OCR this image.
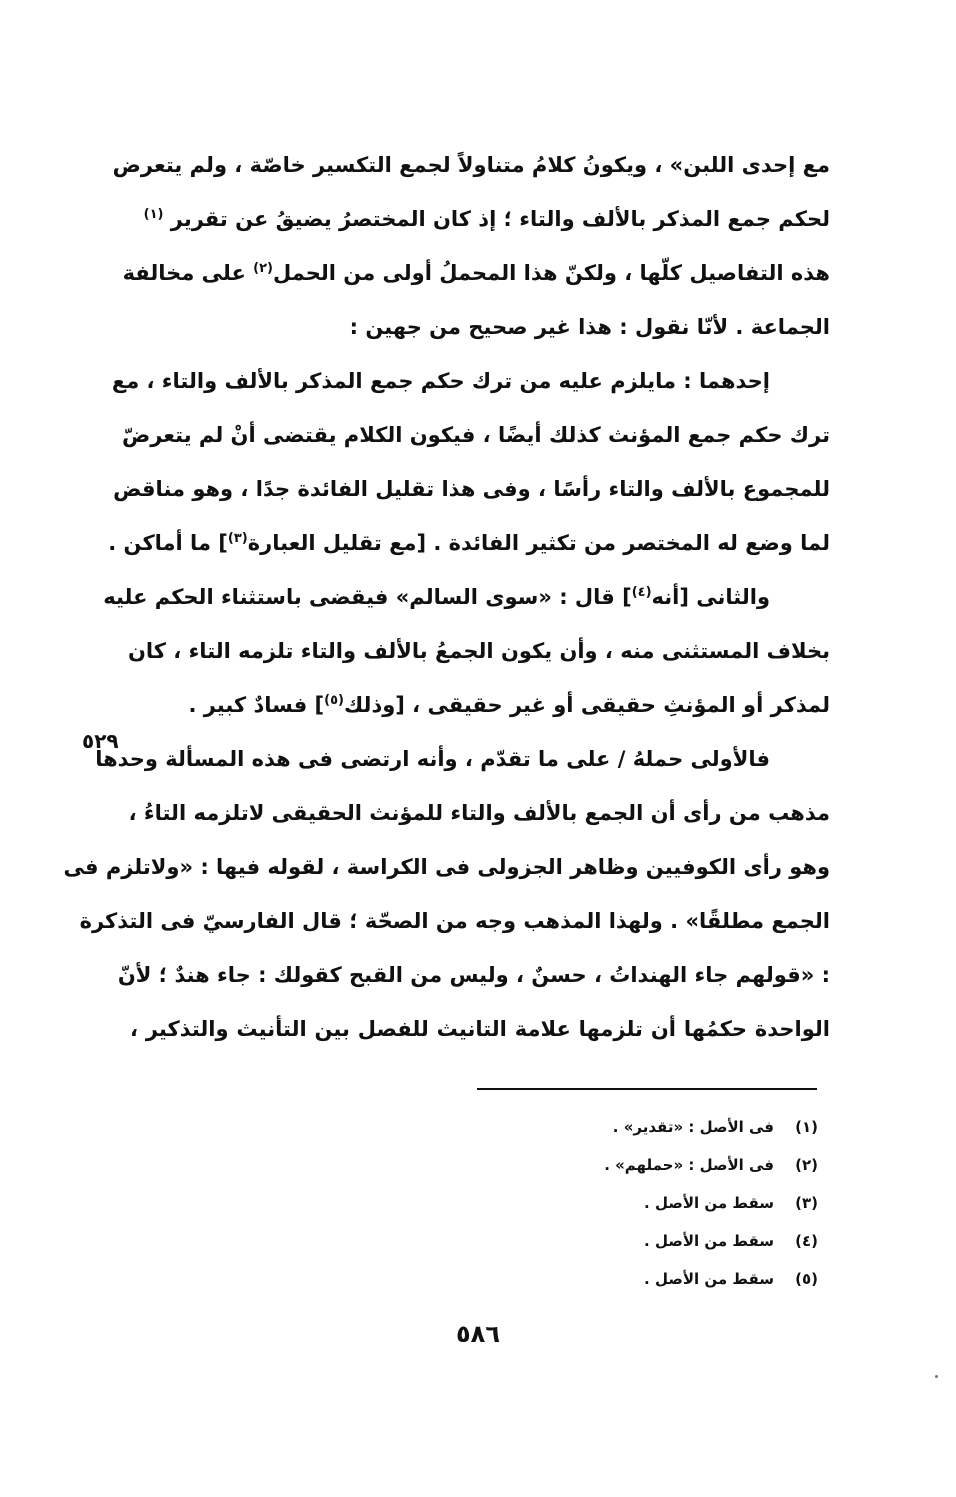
مع إحدى اللبن» ، ويكونُ كلامُ متناولاً لجمع التكسير خاصّة ، ولم يتعرض
لحكم جمع المذكر بالألف والتاء ؛ إذ كان المختصرُ يضيقُ عن تقرير $^{(١)}$
هذه التفاصيل كلّها ، ولكنّ هذا المحملُ أولى من الحمل$^{(٢)}$ على مخالفة
الجماعة . لأنّا نقول : هذا غير صحيح من جهين :
إحدهما : مايلزم عليه من ترك حكم جمع المذكر بالألف والتاء ، مع
ترك حكم جمع المؤنث كذلك أيضًا ، فيكون الكلام يقتضى أنْ لم يتعرضّ
للمجموع بالألف والتاء رأسًا ، وفى هذا تقليل الفائدة جدًا ، وهو مناقض
لما وضع له المختصر من تكثير الفائدة . [مع تقليل العبارة$^{(٣)}$] ما أماكن .
والثانى [أنه$^{(٤)}$] قال : «سوى السالم» فيقضى باستثناء الحكم عليه
بخلاف المستثنى منه ، وأن يكون الجمعُ بالألف والتاء تلزمه التاء ، كان
لمذكر أو المؤنثِ حقيقى أو غير حقيقى ، [وذلك$^{(٥)}$] فسادٌ كبير .
فالأولى حملهُ / على ما تقدّم ، وأنه ارتضى فى هذه المسألة وحدها
مذهب من رأى أن الجمع بالألف والتاء للمؤنث الحقيقى لاتلزمه التاءُ ،
وهو رأى الكوفيين وظاهر الجزولى فى الكراسة ، لقوله فيها : «ولاتلزم فى
الجمع مطلقًا» . ولهذا المذهب وجه من الصحّة ؛ قال الفارسيّ فى التذكرة
: «قولهم جاء الهنداتُ ، حسنٌ ، وليس من القبح كقولك : جاء هندٌ ؛ لأنّ
الواحدة حكمُها أن تلزمها علامة التانيث للفصل بين التأنيث والتذكير ،
٥٢٩
(١)فى الأصل : «تقدير» .
(٢)فى الأصل : «حملهم» .
(٣)سقط من الأصل .
(٤)سقط من الأصل .
(٥)سقط من الأصل .
٥٨٦
